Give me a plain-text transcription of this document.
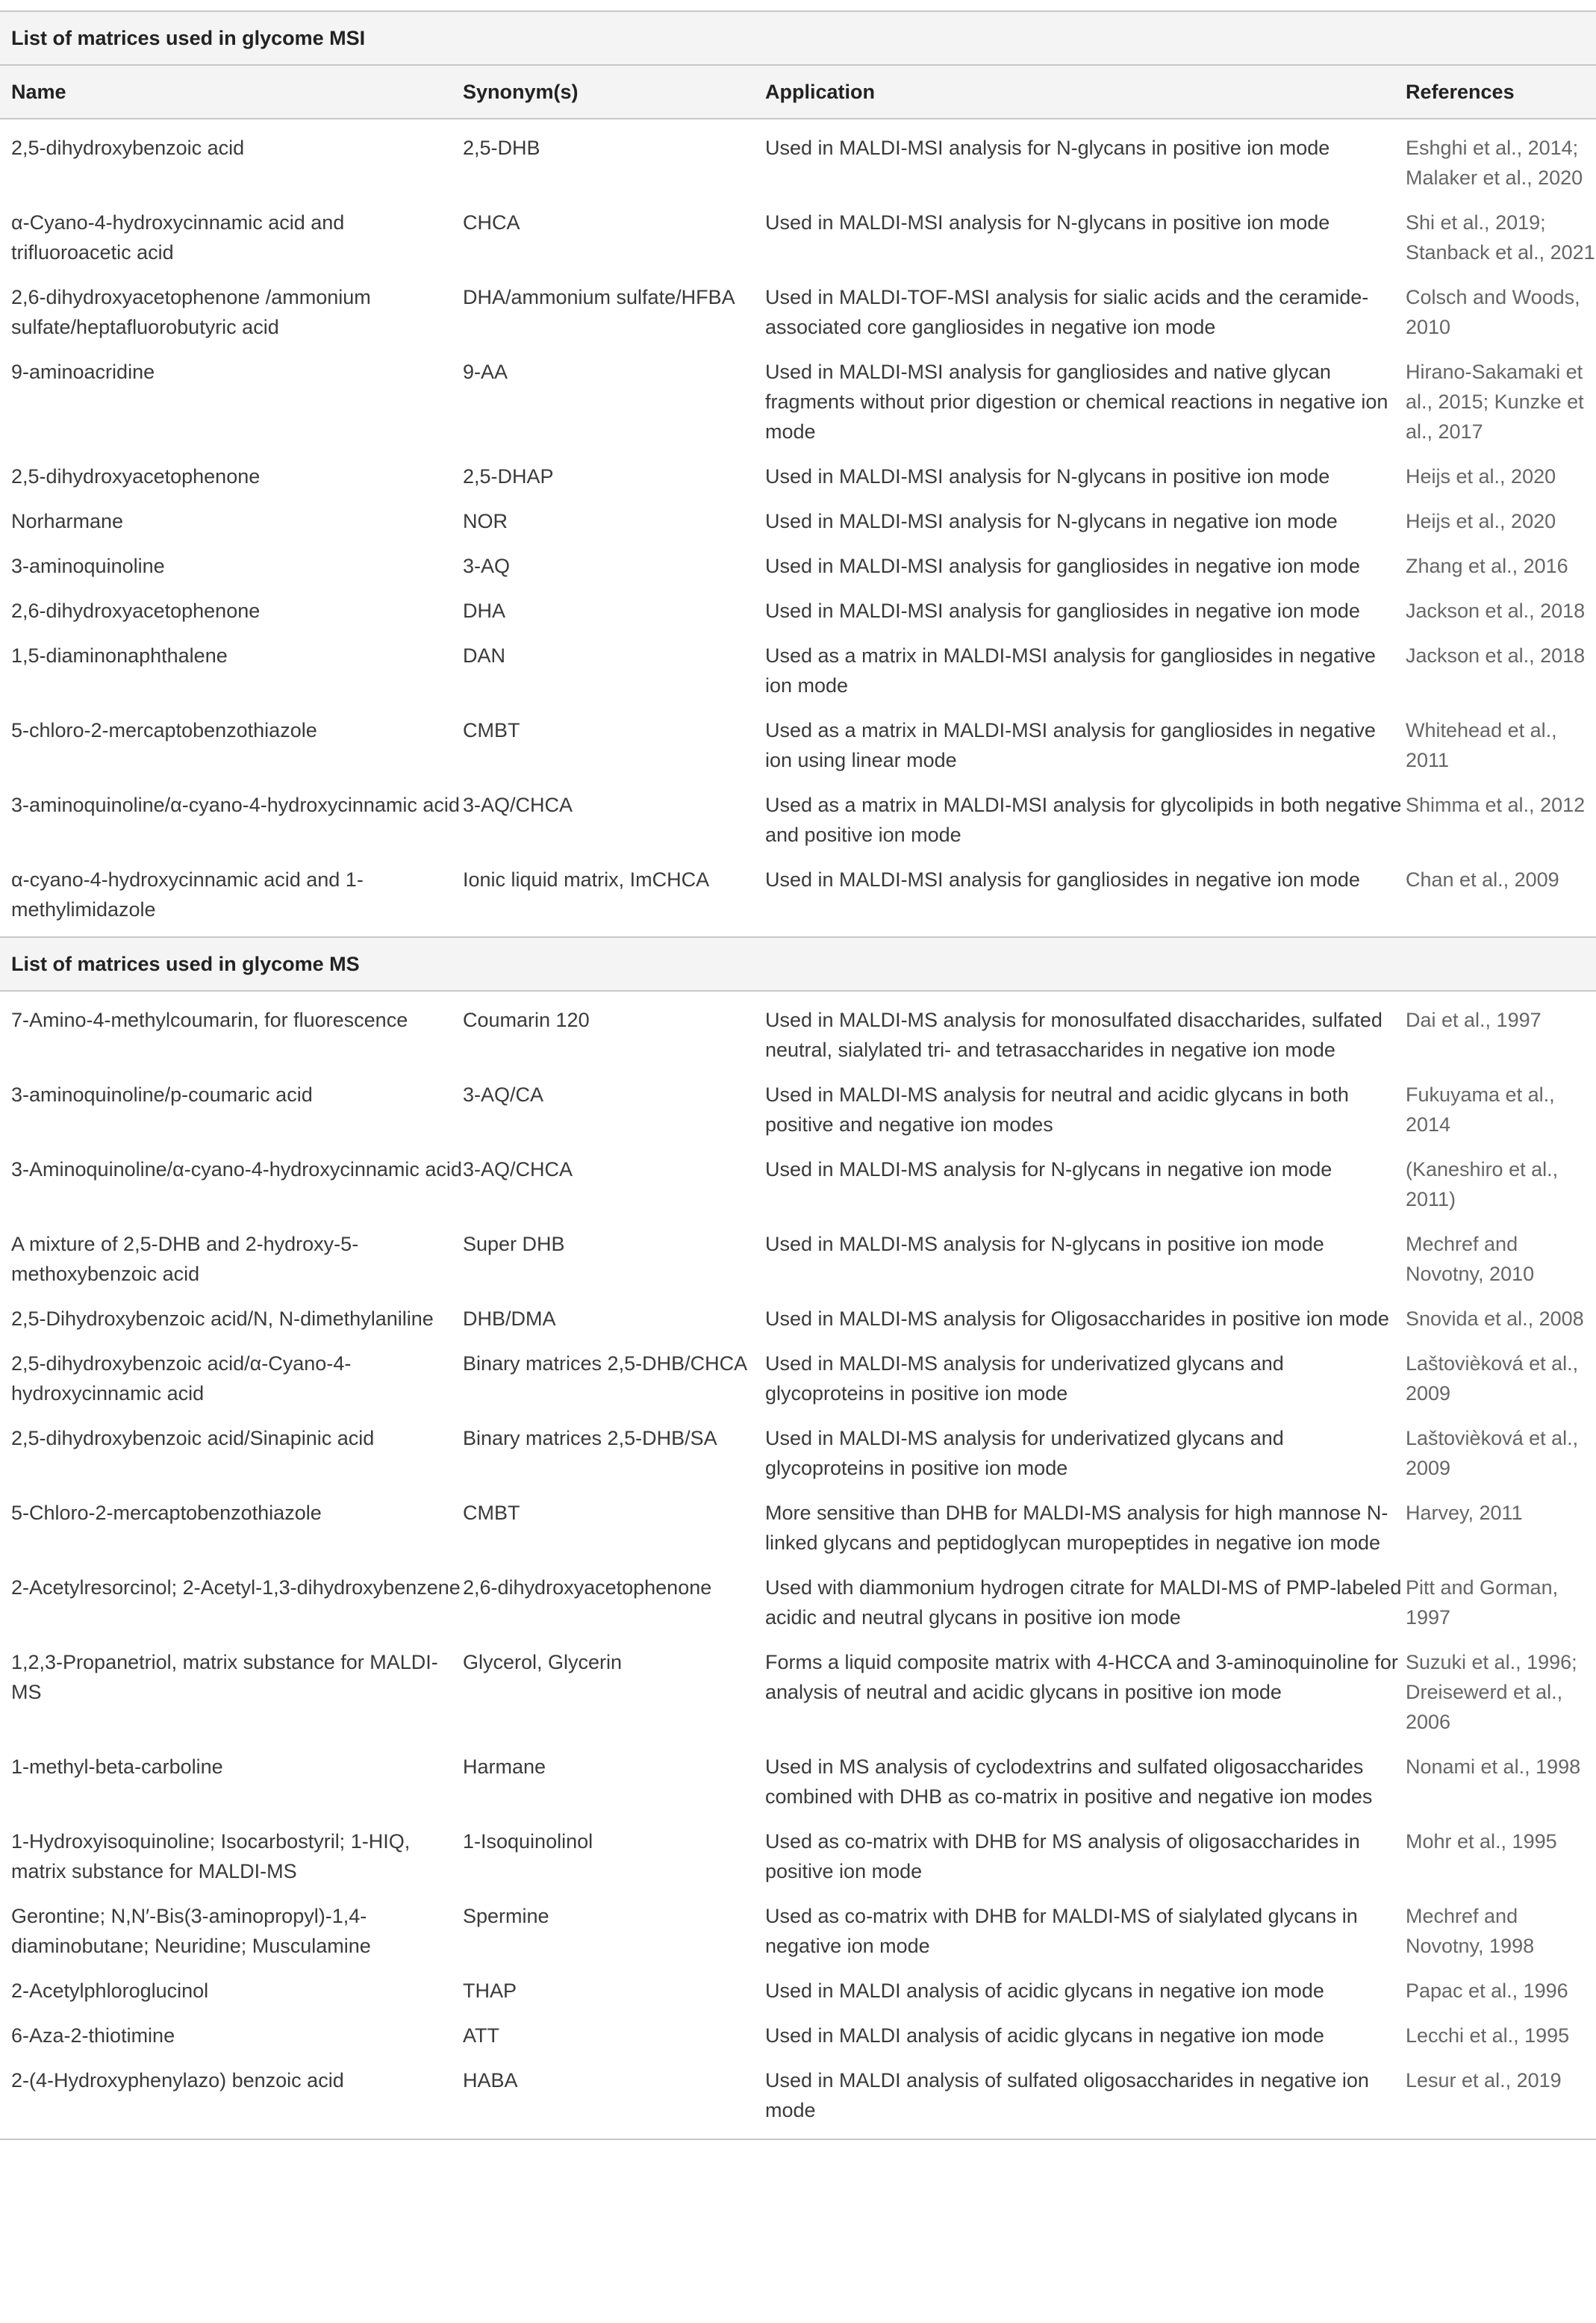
List of matrices used in glycome MSI			
Name	Synonym(s)	Application	References
2,5-dihydroxybenzoic acid	2,5-DHB	Used in MALDI-MSI analysis for N-glycans in positive ion mode	Eshghi et al., 2014; Malaker et al., 2020
α-Cyano-4-hydroxycinnamic acid and trifluoroacetic acid	CHCA	Used in MALDI-MSI analysis for N-glycans in positive ion mode	Shi et al., 2019; Stanback et al., 2021
2,6-dihydroxyacetophenone /ammonium sulfate/heptafluorobutyric acid	DHA/ammonium sulfate/HFBA	Used in MALDI-TOF-MSI analysis for sialic acids and the ceramide-associated core gangliosides in negative ion mode	Colsch and Woods, 2010
9-aminoacridine	9-AA	Used in MALDI-MSI analysis for gangliosides and native glycan fragments without prior digestion or chemical reactions in negative ion mode	Hirano-Sakamaki et al., 2015; Kunzke et al., 2017
2,5-dihydroxyacetophenone	2,5-DHAP	Used in MALDI-MSI analysis for N-glycans in positive ion mode	Heijs et al., 2020
Norharmane	NOR	Used in MALDI-MSI analysis for N-glycans in negative ion mode	Heijs et al., 2020
3-aminoquinoline	3-AQ	Used in MALDI-MSI analysis for gangliosides in negative ion mode	Zhang et al., 2016
2,6-dihydroxyacetophenone	DHA	Used in MALDI-MSI analysis for gangliosides in negative ion mode	Jackson et al., 2018
1,5-diaminonaphthalene	DAN	Used as a matrix in MALDI-MSI analysis for gangliosides in negative ion mode	Jackson et al., 2018
5-chloro-2-mercaptobenzothiazole	CMBT	Used as a matrix in MALDI-MSI analysis for gangliosides in negative ion using linear mode	Whitehead et al., 2011
3-aminoquinoline/α-cyano-4-hydroxycinnamic acid	3-AQ/CHCA	Used as a matrix in MALDI-MSI analysis for glycolipids in both negative and positive ion mode	Shimma et al., 2012
α-cyano-4-hydroxycinnamic acid and 1-methylimidazole	Ionic liquid matrix, ImCHCA	Used in MALDI-MSI analysis for gangliosides in negative ion mode	Chan et al., 2009
List of matrices used in glycome MS			
7-Amino-4-methylcoumarin, for fluorescence	Coumarin 120	Used in MALDI-MS analysis for monosulfated disaccharides, sulfated neutral, sialylated tri- and tetrasaccharides in negative ion mode	Dai et al., 1997
3-aminoquinoline/p-coumaric acid	3-AQ/CA	Used in MALDI-MS analysis for neutral and acidic glycans in both positive and negative ion modes	Fukuyama et al., 2014
3-Aminoquinoline/α-cyano-4-hydroxycinnamic acid	3-AQ/CHCA	Used in MALDI-MS analysis for N-glycans in negative ion mode	(Kaneshiro et al., 2011)
A mixture of 2,5-DHB and 2-hydroxy-5-methoxybenzoic acid	Super DHB	Used in MALDI-MS analysis for N-glycans in positive ion mode	Mechref and Novotny, 2010
2,5-Dihydroxybenzoic acid/N, N-dimethylaniline	DHB/DMA	Used in MALDI-MS analysis for Oligosaccharides in positive ion mode	Snovida et al., 2008
2,5-dihydroxybenzoic acid/α-Cyano-4-hydroxycinnamic acid	Binary matrices 2,5-DHB/CHCA	Used in MALDI-MS analysis for underivatized glycans and glycoproteins in positive ion mode	Laštovièková et al., 2009
2,5-dihydroxybenzoic acid/Sinapinic acid	Binary matrices 2,5-DHB/SA	Used in MALDI-MS analysis for underivatized glycans and glycoproteins in positive ion mode	Laštovièková et al., 2009
5-Chloro-2-mercaptobenzothiazole	CMBT	More sensitive than DHB for MALDI-MS analysis for high mannose N-linked glycans and peptidoglycan muropeptides in negative ion mode	Harvey, 2011
2-Acetylresorcinol; 2-Acetyl-1,3-dihydroxybenzene	2,6-dihydroxyacetophenone	Used with diammonium hydrogen citrate for MALDI-MS of PMP-labeled acidic and neutral glycans in positive ion mode	Pitt and Gorman, 1997
1,2,3-Propanetriol, matrix substance for MALDI-MS	Glycerol, Glycerin	Forms a liquid composite matrix with 4-HCCA and 3-aminoquinoline for analysis of neutral and acidic glycans in positive ion mode	Suzuki et al., 1996; Dreisewerd et al., 2006
1-methyl-beta-carboline	Harmane	Used in MS analysis of cyclodextrins and sulfated oligosaccharides combined with DHB as co-matrix in positive and negative ion modes	Nonami et al., 1998
1-Hydroxyisoquinoline; Isocarbostyril; 1-HIQ, matrix substance for MALDI-MS	1-Isoquinolinol	Used as co-matrix with DHB for MS analysis of oligosaccharides in positive ion mode	Mohr et al., 1995
Gerontine; N,N′-Bis(3-aminopropyl)-1,4-diaminobutane; Neuridine; Musculamine	Spermine	Used as co-matrix with DHB for MALDI-MS of sialylated glycans in negative ion mode	Mechref and Novotny, 1998
2-Acetylphloroglucinol	THAP	Used in MALDI analysis of acidic glycans in negative ion mode	Papac et al., 1996
6-Aza-2-thiotimine	ATT	Used in MALDI analysis of acidic glycans in negative ion mode	Lecchi et al., 1995
2-(4-Hydroxyphenylazo) benzoic acid	HABA	Used in MALDI analysis of sulfated oligosaccharides in negative ion mode	Lesur et al., 2019
